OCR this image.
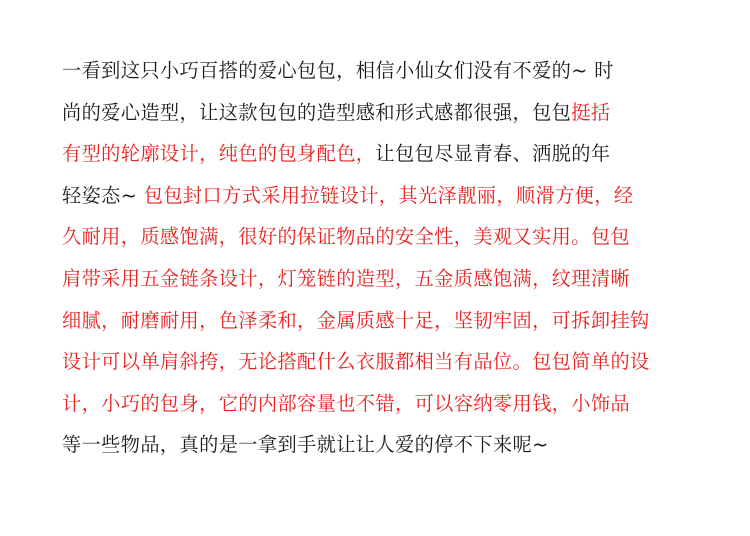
一看到这只小巧百搭的爱心包包，相信小仙女们没有不爱的~ 时
尚的爱心造型，让这款包包的造型感和形式感都很强，包包挺括
有型的轮廓设计，纯色的包身配色，让包包尽显青春、洒脱的年
轻姿态~ 包包封口方式采用拉链设计，其光泽靓丽，顺滑方便，经
久耐用，质感饱满，很好的保证物品的安全性，美观又实用。包包
肩带采用五金链条设计，灯笼链的造型，五金质感饱满，纹理清晰
细腻，耐磨耐用，色泽柔和，金属质感十足，坚韧牢固，可拆卸挂钩
设计可以单肩斜挎，无论搭配什么衣服都相当有品位。包包简单的设
计，小巧的包身，它的内部容量也不错，可以容纳零用钱，小饰品
等一些物品，真的是一拿到手就让让人爱的停不下来呢~
